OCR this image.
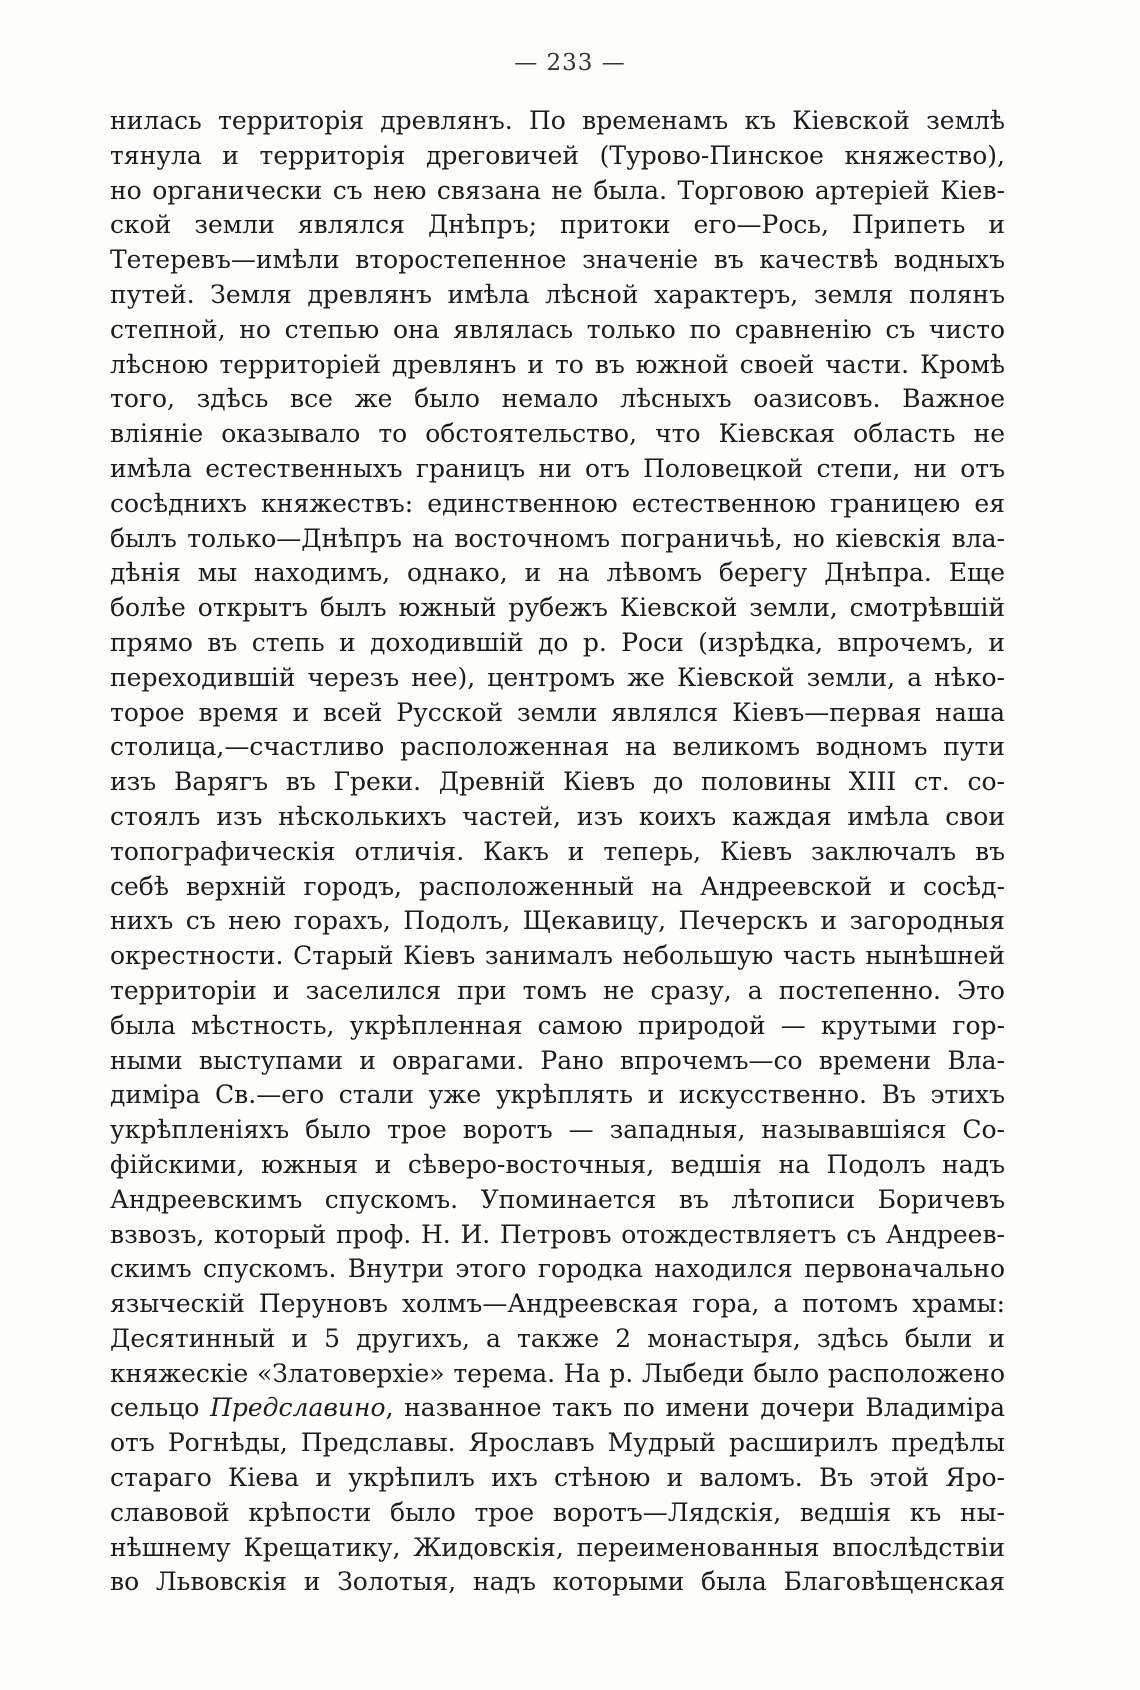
— 233 —
нилась территорія древлянъ. По временамъ къ Кіевской землѣ
тянула и территорія дреговичей (Турово-Пинское княжество),
но органически съ нею связана не была. Торговою артеріей Кіев-
ской земли являлся Днѣпръ; притоки его—Рось, Припеть и
Тетеревъ—имѣли второстепенное значеніе въ качествѣ водныхъ
путей. Земля древлянъ имѣла лѣсной характеръ, земля полянъ
степной, но степью она являлась только по сравненію съ чисто
лѣсною территоріей древлянъ и то въ южной своей части. Кромѣ
того, здѣсь все же было немало лѣсныхъ оазисовъ. Важное
вліяніе оказывало то обстоятельство, что Кіевская область не
имѣла естественныхъ границъ ни отъ Половецкой степи, ни отъ
сосѣднихъ княжествъ: единственною естественною границею ея
былъ только—Днѣпръ на восточномъ пограничьѣ, но кіевскія вла-
дѣнія мы находимъ, однако, и на лѣвомъ берегу Днѣпра. Еще
болѣе открытъ былъ южный рубежъ Кіевской земли, смотрѣвшій
прямо въ степь и доходившій до р. Роси (изрѣдка, впрочемъ, и
переходившій черезъ нее), центромъ же Кіевской земли, а нѣко-
торое время и всей Русской земли являлся Кіевъ—первая наша
столица,—счастливо расположенная на великомъ водномъ пути
изъ Варягъ въ Греки. Древній Кіевъ до половины XIII ст. со-
стоялъ изъ нѣсколькихъ частей, изъ коихъ каждая имѣла свои
топографическія отличія. Какъ и теперь, Кіевъ заключалъ въ
себѣ верхній городъ, расположенный на Андреевской и сосѣд-
нихъ съ нею горахъ, Подолъ, Щекавицу, Печерскъ и загородныя
окрестности. Старый Кіевъ занималъ небольшую часть нынѣшней
территоріи и заселился при томъ не сразу, а постепенно. Это
была мѣстность, укрѣпленная самою природой — крутыми гор-
ными выступами и оврагами. Рано впрочемъ—со времени Вла-
диміра Св.—его стали уже укрѣплять и искусственно. Въ этихъ
укрѣпленіяхъ было трое воротъ — западныя, называвшіяся Со-
фійскими, южныя и сѣверо-восточныя, ведшія на Подолъ надъ
Андреевскимъ спускомъ. Упоминается въ лѣтописи Боричевъ
взвозъ, который проф. Н. И. Петровъ отождествляетъ съ Андреев-
скимъ спускомъ. Внутри этого городка находился первоначально
языческій Перуновъ холмъ—Андреевская гора, а потомъ храмы:
Десятинный и 5 другихъ, а также 2 монастыря, здѣсь были и
княжескіе «Златоверхіе» терема. На р. Лыбеди было расположено
сельцо Предславино, названное такъ по имени дочери Владиміра
отъ Рогнѣды, Предславы. Ярославъ Мудрый расширилъ предѣлы
стараго Кіева и укрѣпилъ ихъ стѣною и валомъ. Въ этой Яро-
славовой крѣпости было трое воротъ—Лядскія, ведшія къ ны-
нѣшнему Крещатику, Жидовскія, переименованныя впослѣдствіи
во Львовскія и Золотыя, надъ которыми была Благовѣщенская
